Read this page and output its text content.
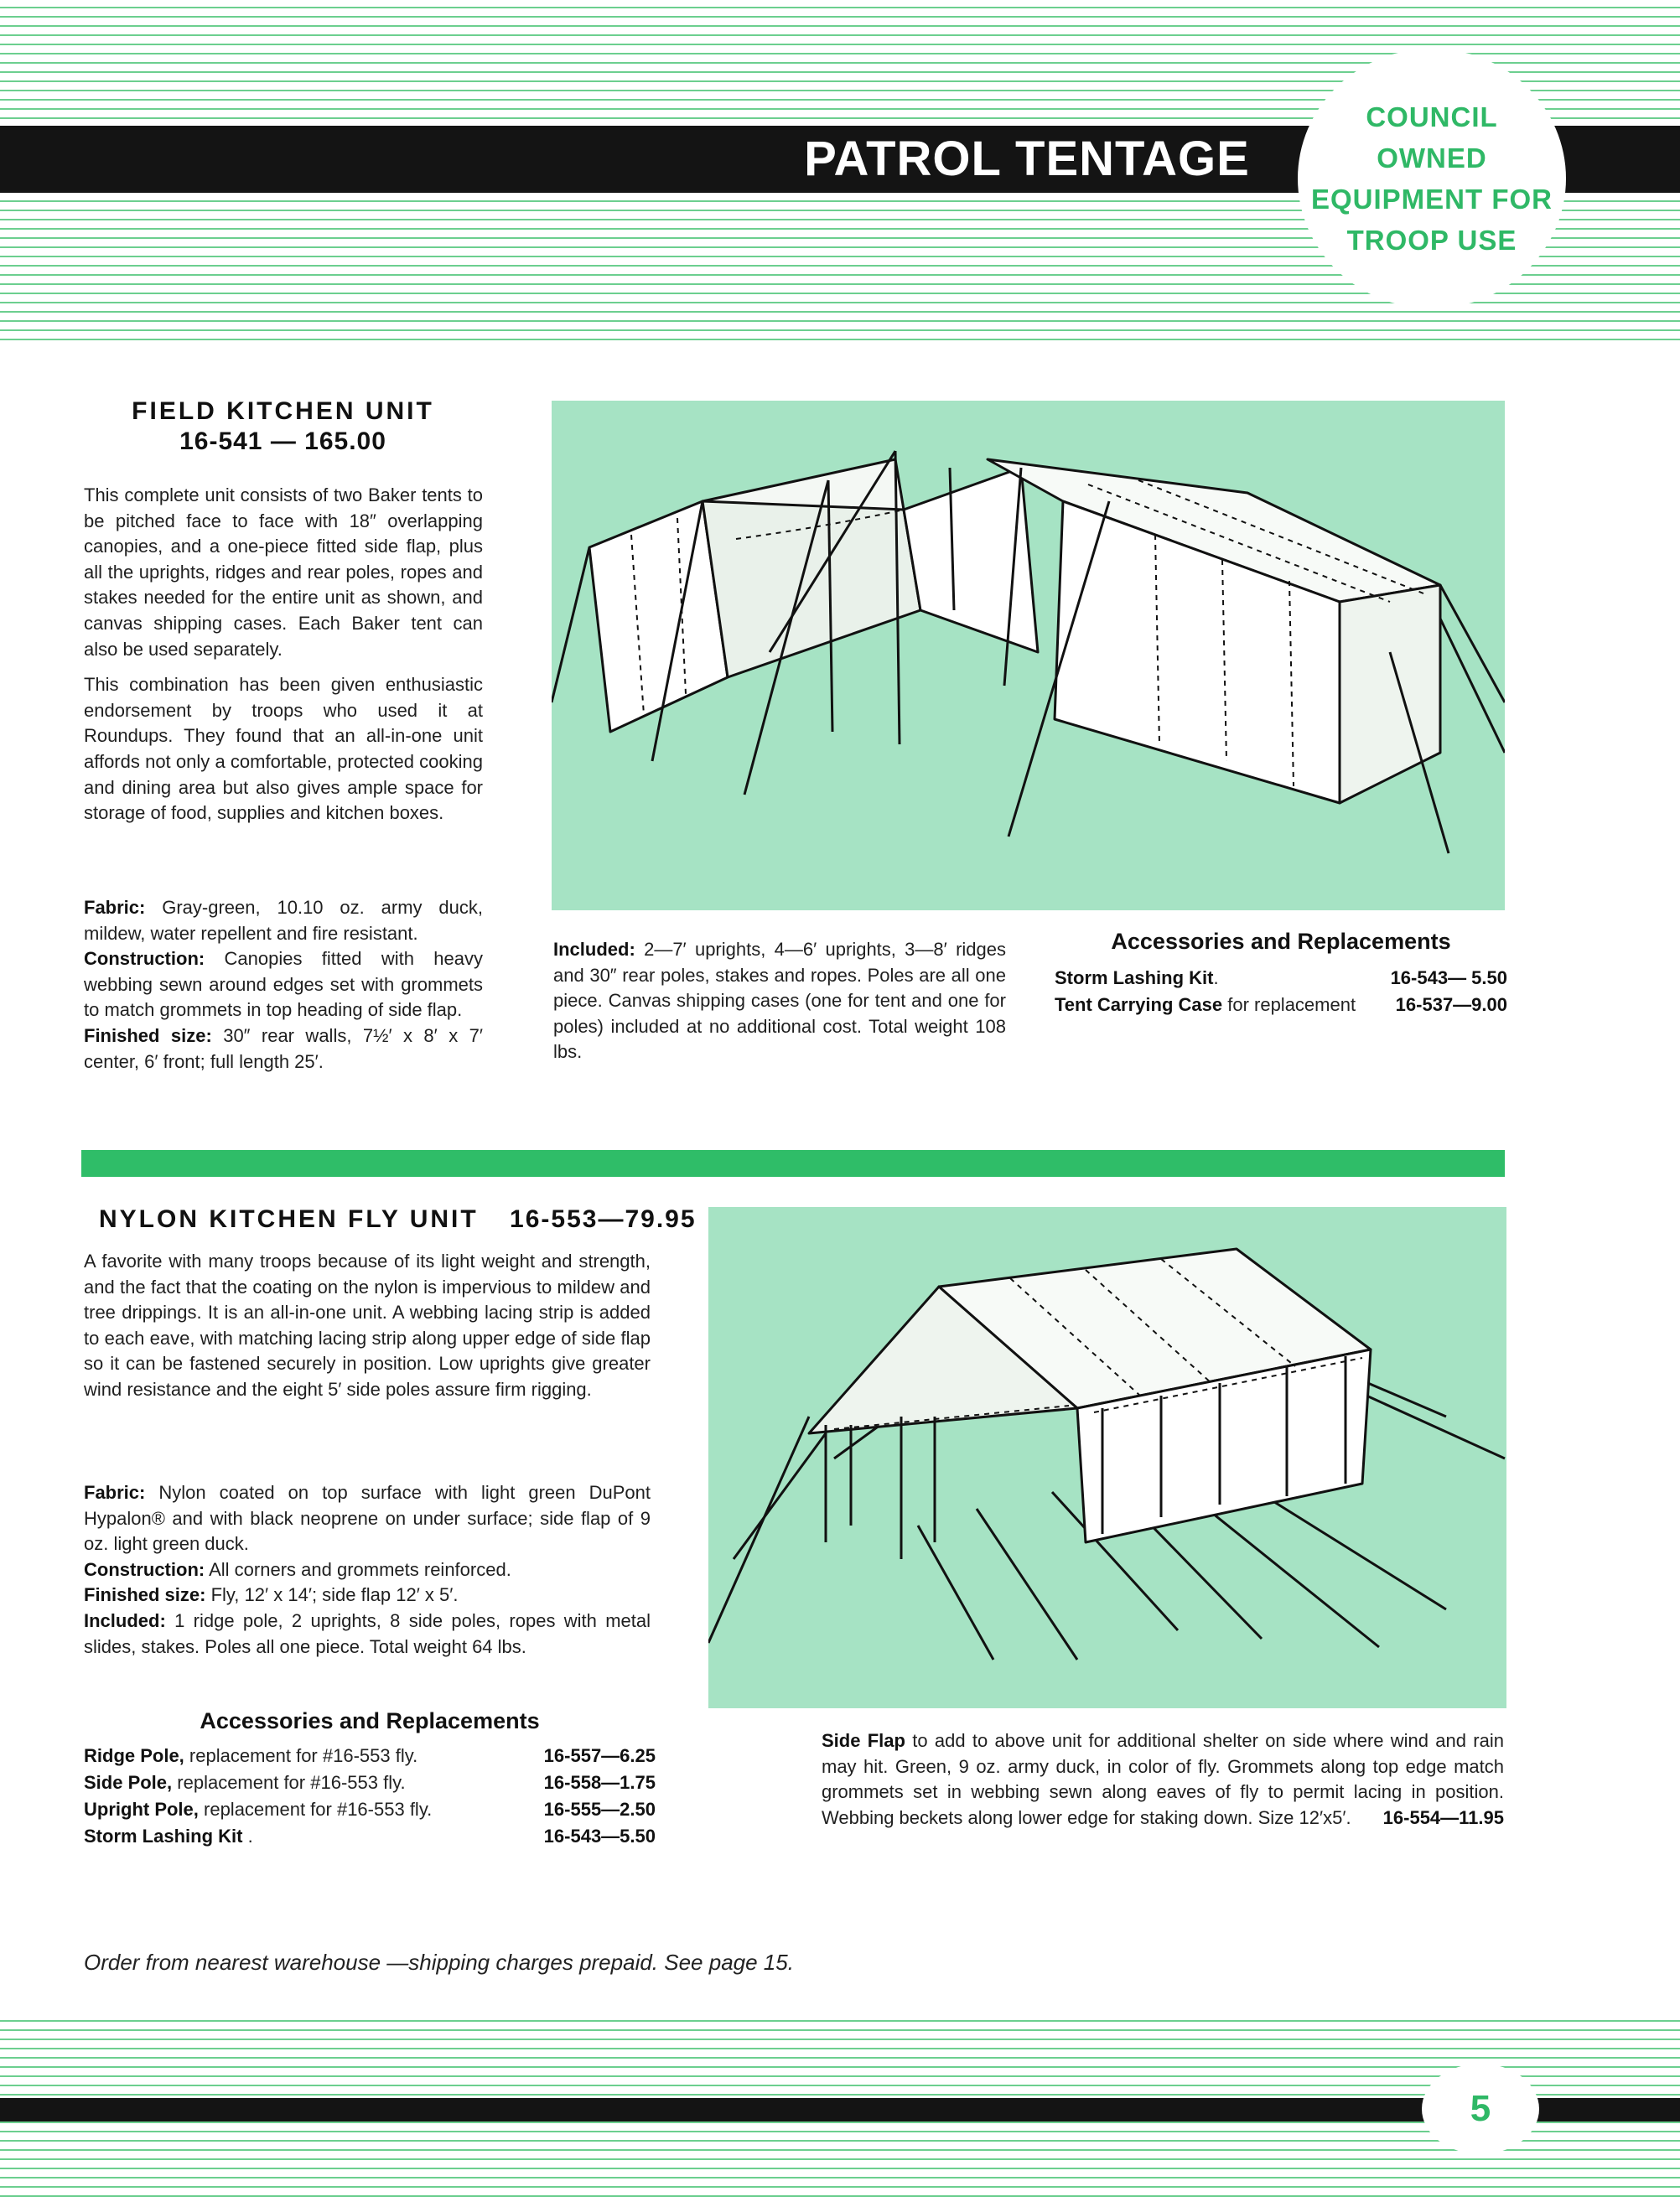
PATROL TENTAGE
COUNCIL
OWNED
EQUIPMENT FOR
TROOP USE
FIELD KITCHEN UNIT
16-541 — 165.00

This complete unit consists of two Baker tents to be pitched face to face with 18″ overlapping canopies, and a one-piece fitted side flap, plus all the uprights, ridges and rear poles, ropes and stakes needed for the entire unit as shown, and canvas shipping cases. Each Baker tent can also be used separately.

This combination has been given enthusiastic endorsement by troops who used it at Roundups. They found that an all-in-one unit affords not only a comfortable, protected cooking and dining area but also gives ample space for storage of food, supplies and kitchen boxes.

Fabric: Gray-green, 10.10 oz. army duck, mildew, water repellent and fire resistant.

Construction: Canopies fitted with heavy webbing sewn around edges set with grommets to match grommets in top heading of side flap.

Finished size: 30″ rear walls, 7½′ x 8′ x 7′ center, 6′ front; full length 25′.

Included: 2—7′ uprights, 4—6′ uprights, 3—8′ ridges and 30″ rear poles, stakes and ropes. Poles are all one piece. Canvas shipping cases (one for tent and one for poles) included at no additional cost. Total weight 108 lbs.

Accessories and Replacements
Storm Lashing Kit .	16-543— 5.50
Tent Carrying Case for replacement 16-537—9.00
NYLON KITCHEN FLY UNIT 16-553—79.95

A favorite with many troops because of its light weight and strength, and the fact that the coating on the nylon is impervious to mildew and tree drippings. It is an all-in-one unit. A webbing lacing strip is added to each eave, with matching lacing strip along upper edge of side flap so it can be fastened securely in position. Low uprights give greater wind resistance and the eight 5′ side poles assure firm rigging.

Fabric: Nylon coated on top surface with light green DuPont Hypalon® and with black neoprene on under surface; side flap of 9 oz. light green duck.

Construction: All corners and grommets reinforced.

Finished size: Fly, 12′ x 14′; side flap 12′ x 5′.

Included: 1 ridge pole, 2 uprights, 8 side poles, ropes with metal slides, stakes. Poles all one piece. Total weight 64 lbs.

Accessories and Replacements
Ridge Pole, replacement for #16-553 fly.	16-557—6.25
Side Pole, replacement for #16-553 fly.	16-558—1.75
Upright Pole, replacement for #16-553 fly.	16-555—2.50
Storm Lashing Kit .	16-543—5.50

Side Flap to add to above unit for additional shelter on side where wind and rain may hit. Green, 9 oz. army duck, in color of fly. Grommets along top edge match grommets set in webbing sewn along eaves of fly to permit lacing in position. Webbing beckets along lower edge for staking down. Size 12′x5′.	16-554—11.95
Order from nearest warehouse —shipping charges prepaid. See page 15.
5
